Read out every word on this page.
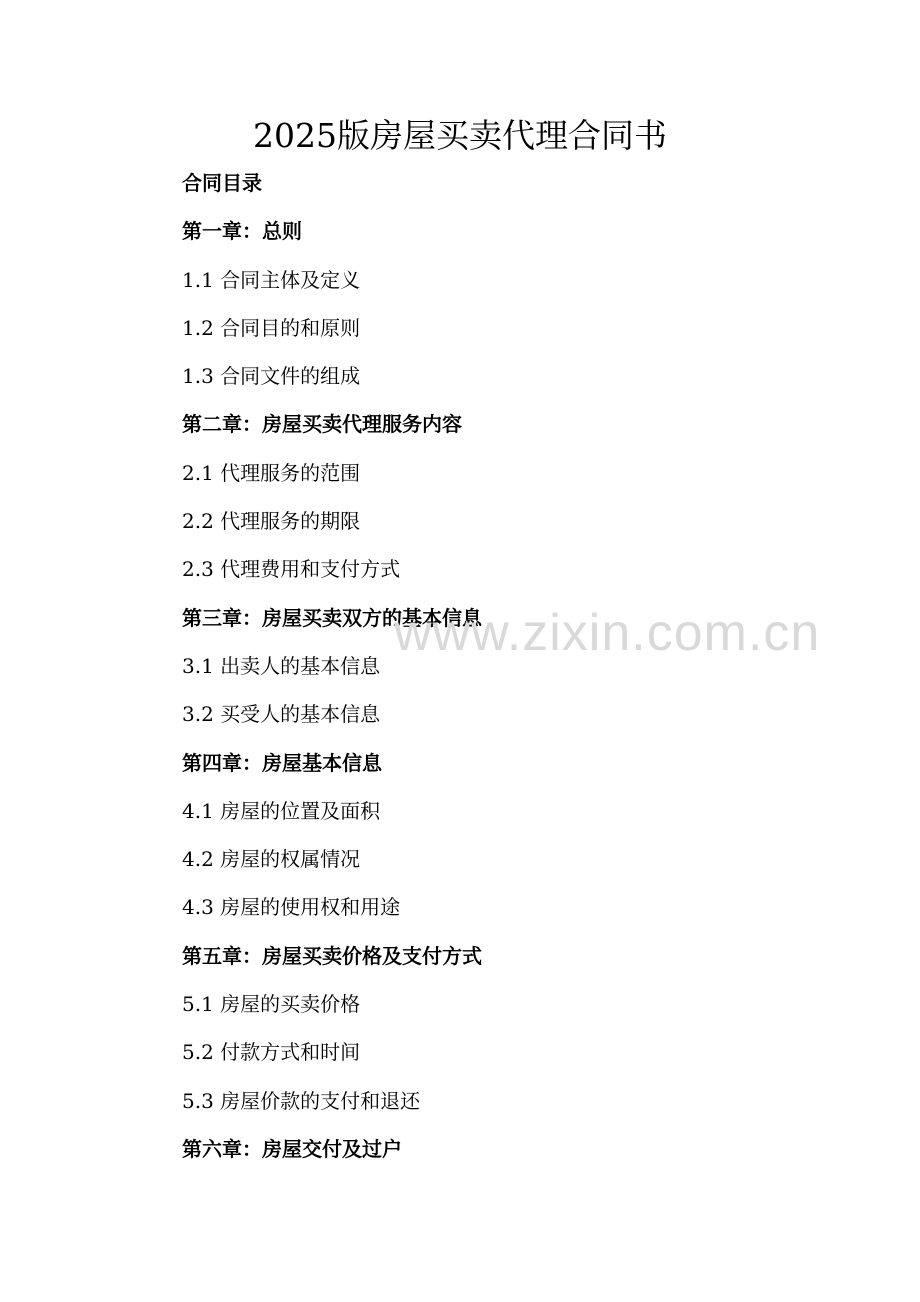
2025版房屋买卖代理合同书
合同目录
第一章：总则
1.1 合同主体及定义
1.2 合同目的和原则
1.3 合同文件的组成
第二章：房屋买卖代理服务内容
2.1 代理服务的范围
2.2 代理服务的期限
2.3 代理费用和支付方式
第三章：房屋买卖双方的基本信息
3.1 出卖人的基本信息
3.2 买受人的基本信息
第四章：房屋基本信息
4.1 房屋的位置及面积
4.2 房屋的权属情况
4.3 房屋的使用权和用途
第五章：房屋买卖价格及支付方式
5.1 房屋的买卖价格
5.2 付款方式和时间
5.3 房屋价款的支付和退还
第六章：房屋交付及过户
www.zixin.com.cn
